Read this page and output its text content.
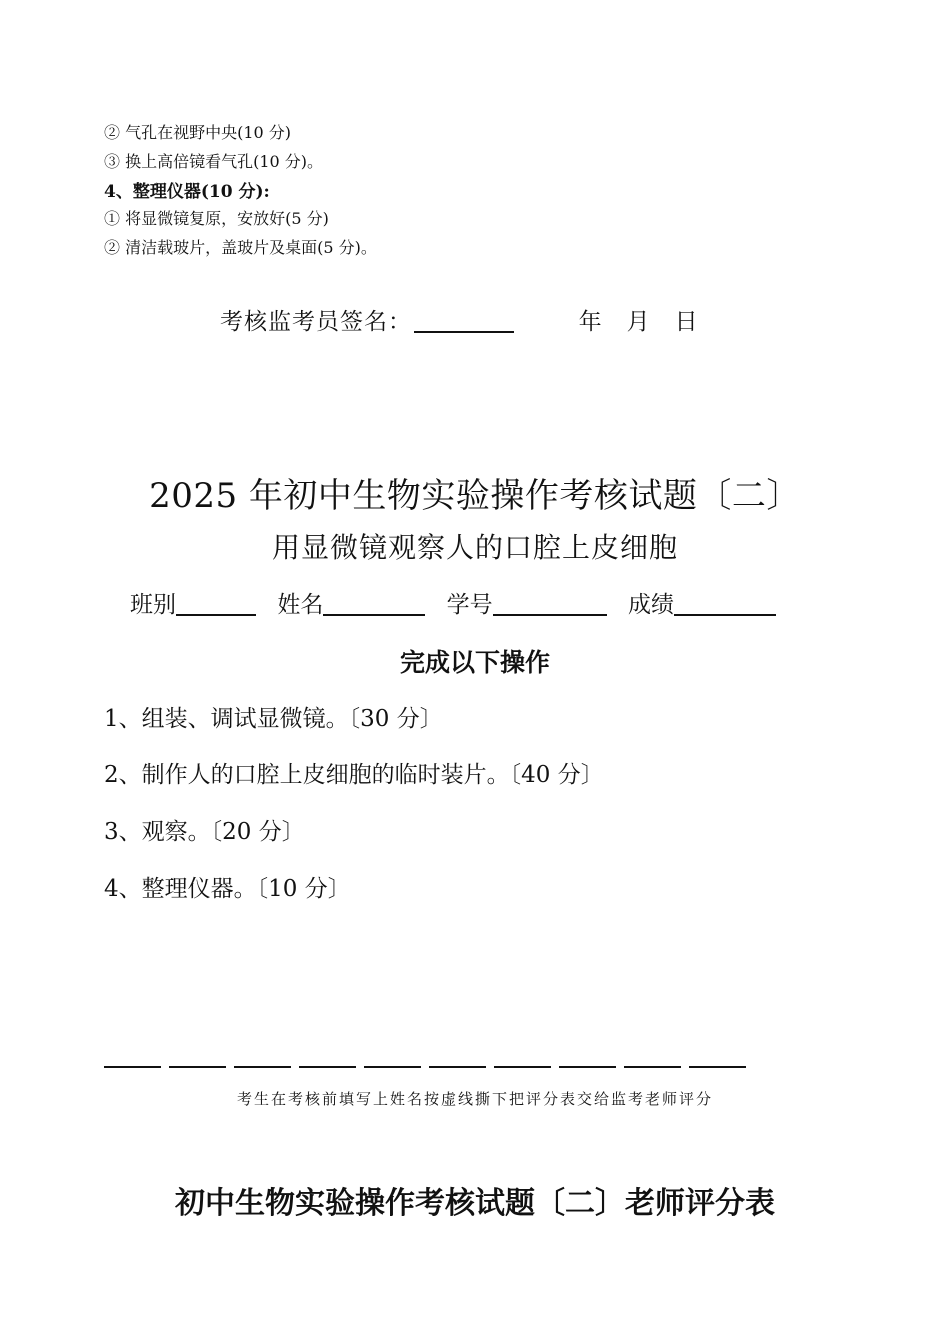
② 气孔在视野中央(10 分)
③ 换上高倍镜看气孔(10 分)。
4、整理仪器(10 分):
① 将显微镜复原，安放好(5 分)
② 清洁载玻片，盖玻片及桌面(5 分)。
考核监考员签名：	年　月　日
2025 年初中生物实验操作考核试题〔二〕
用显微镜观察人的口腔上皮细胞
班别	姓名	学号	成绩
完成以下操作
1、组装、调试显微镜。〔30 分〕
2、制作人的口腔上皮细胞的临时装片。〔40 分〕
3、观察。〔20 分〕
4、整理仪器。〔10 分〕
考生在考核前填写上姓名按虚线撕下把评分表交给监考老师评分
初中生物实验操作考核试题〔二〕老师评分表
